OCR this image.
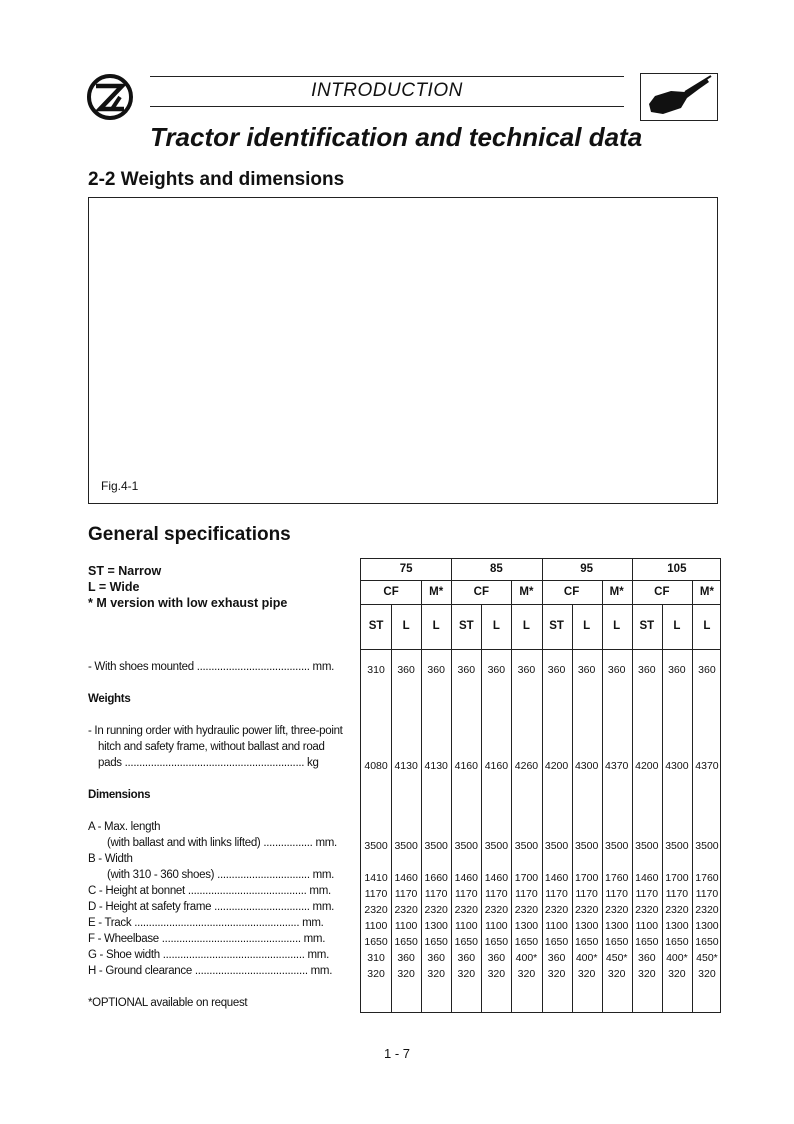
INTRODUCTION
Tractor identification and technical data
2-2 Weights and dimensions
Fig.4-1
General specifications
ST = Narrow
L = Wide
* M version with low exhaust pipe
- With shoes mounted ....................................... mm.
Weights
- In running order with hydraulic power lift, three-point
hitch and safety frame, without ballast and road
pads .............................................................. kg
Dimensions
A - Max. length
(with ballast and with links lifted) ................. mm.
B - Width
(with 310 - 360 shoes) ................................ mm.
C - Height at bonnet ......................................... mm.
D - Height at safety frame ................................. mm.
E - Track ......................................................... mm.
F - Wheelbase ................................................ mm.
G - Shoe width ................................................. mm.
H - Ground clearance ....................................... mm.
*OPTIONAL available on request
75	85	95	105
CF	M*	CF	M*	CF	M*	CF	M*
ST	L	L	ST	L	L	ST	L	L	ST	L	L
310	360	360	360	360	360	360	360	360	360	360	360
4080 4130 4130 4160 4160 4260 4200 4300 4370 4200 4300 4370
3500 3500 3500 3500 3500 3500 3500 3500 3500 3500 3500 3500
1410 1460 1660 1460 1460 1700 1460 1700 1760 1460 1700 1760
1170 1170 1170 1170 1170 1170 1170 1170 1170 1170 1170 1170
2320 2320 2320 2320 2320 2320 2320 2320 2320 2320 2320 2320
1100 1100 1300 1100 1100 1300 1100 1300 1300 1100 1300 1300
1650 1650 1650 1650 1650 1650 1650 1650 1650 1650 1650 1650
310	360	360	360	360	400*	360	400* 450*	360	400* 450*
320	320	320	320	320	320	320	320	320	320	320	320
1 - 7
